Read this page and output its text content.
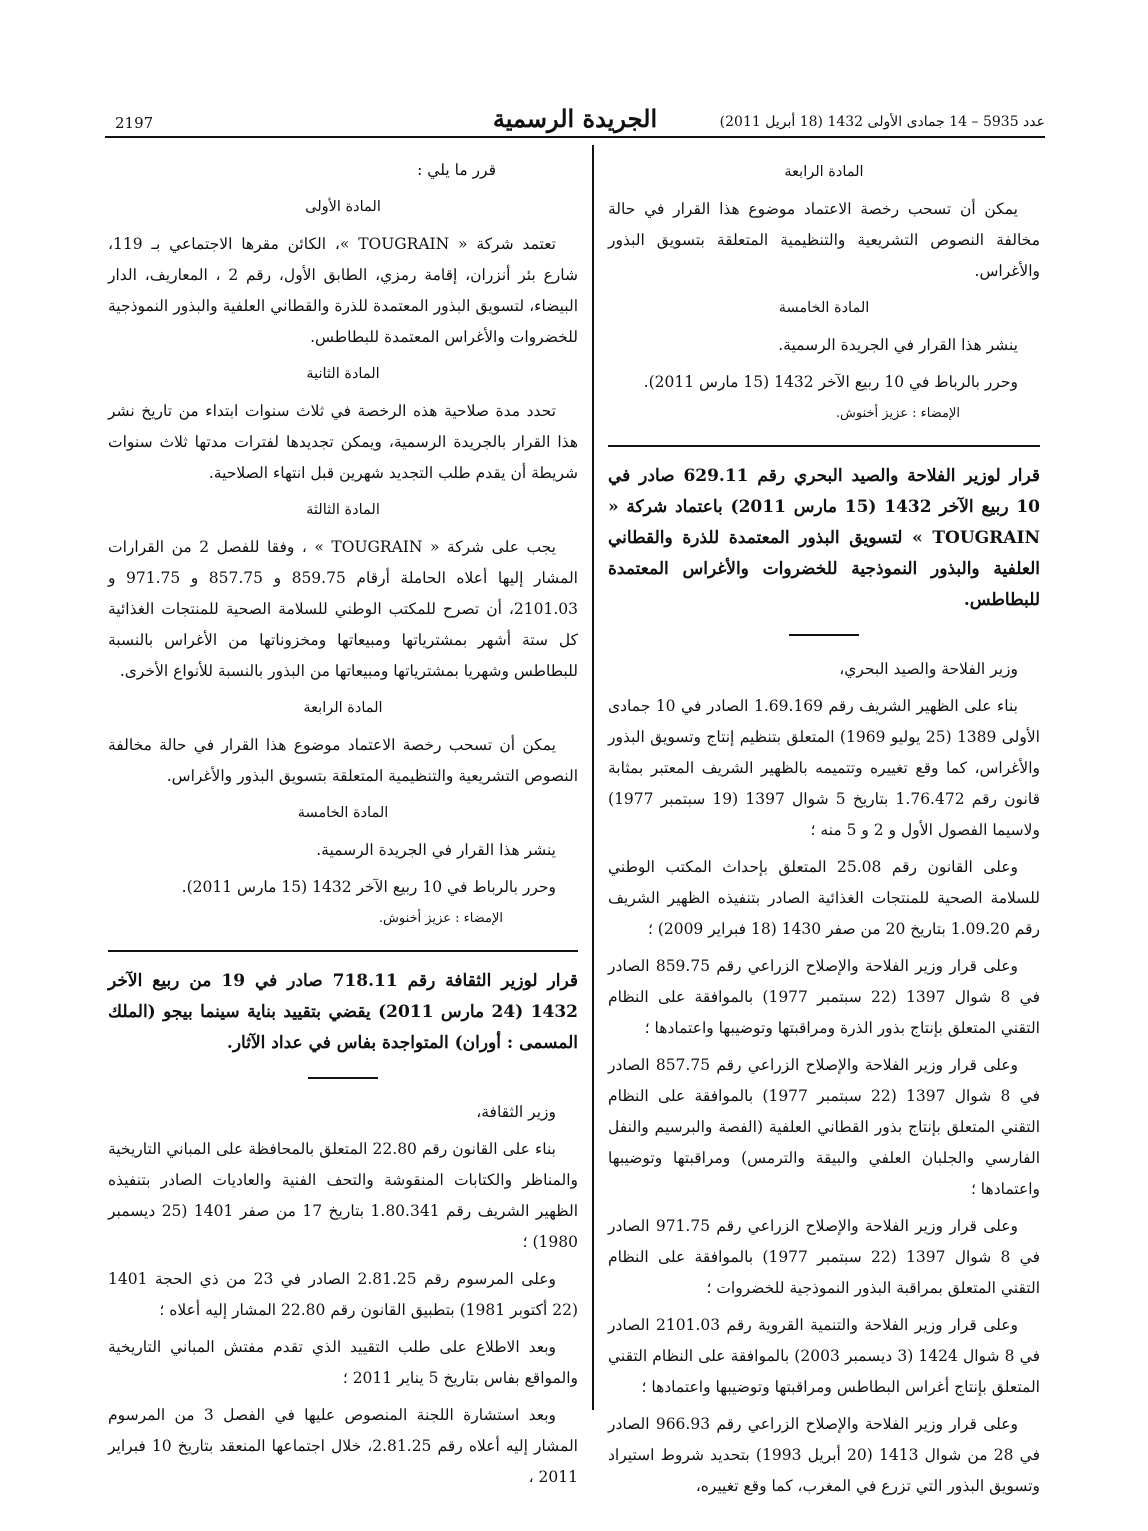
عدد 5935 – 14 جمادى الأولى 1432 (18 أبريل 2011)
الجريدة الرسمية
2197
المادة الرابعة

يمكن أن تسحب رخصة الاعتماد موضوع هذا القرار في حالة مخالفة النصوص التشريعية والتنظيمية المتعلقة بتسويق البذور والأغراس.

المادة الخامسة

ينشر هذا القرار في الجريدة الرسمية.

وحرر بالرباط في 10 ربيع الآخر 1432 (15 مارس 2011).

الإمضاء : عزيز أخنوش.
قرار لوزير الفلاحة والصيد البحري رقم 629.11 صادر في 10 ربيع الآخر 1432 (15 مارس 2011) باعتماد شركة « TOUGRAIN » لتسويق البذور المعتمدة للذرة والقطاني العلفية والبذور النموذجية للخضروات والأغراس المعتمدة للبطاطس.

وزير الفلاحة والصيد البحري،

بناء على الظهير الشريف رقم 1.69.169 الصادر في 10 جمادى الأولى 1389 (25 يوليو 1969) المتعلق بتنظيم إنتاج وتسويق البذور والأغراس، كما وقع تغييره وتتميمه بالظهير الشريف المعتبر بمثابة قانون رقم 1.76.472 بتاريخ 5 شوال 1397 (19 سبتمبر 1977) ولاسيما الفصول الأول و 2 و 5 منه ؛

وعلى القانون رقم 25.08 المتعلق بإحداث المكتب الوطني للسلامة الصحية للمنتجات الغذائية الصادر بتنفيذه الظهير الشريف رقم 1.09.20 بتاريخ 20 من صفر 1430 (18 فبراير 2009) ؛

وعلى قرار وزير الفلاحة والإصلاح الزراعي رقم 859.75 الصادر في 8 شوال 1397 (22 سبتمبر 1977) بالموافقة على النظام التقني المتعلق بإنتاج بذور الذرة ومراقبتها وتوضيبها واعتمادها ؛

وعلى قرار وزير الفلاحة والإصلاح الزراعي رقم 857.75 الصادر في 8 شوال 1397 (22 سبتمبر 1977) بالموافقة على النظام التقني المتعلق بإنتاج بذور القطاني العلفية (الفصة والبرسيم والنفل الفارسي والجلبان العلفي والبيقة والترمس) ومراقبتها وتوضيبها واعتمادها ؛

وعلى قرار وزير الفلاحة والإصلاح الزراعي رقم 971.75 الصادر في 8 شوال 1397 (22 سبتمبر 1977) بالموافقة على النظام التقني المتعلق بمراقبة البذور النموذجية للخضروات ؛

وعلى قرار وزير الفلاحة والتنمية القروية رقم 2101.03 الصادر في 8 شوال 1424 (3 ديسمبر 2003) بالموافقة على النظام التقني المتعلق بإنتاج أغراس البطاطس ومراقبتها وتوضيبها واعتمادها ؛

وعلى قرار وزير الفلاحة والإصلاح الزراعي رقم 966.93 الصادر في 28 من شوال 1413 (20 أبريل 1993) بتحديد شروط استيراد وتسويق البذور التي تزرع في المغرب، كما وقع تغييره،

قرر ما يلي :

المادة الأولى

تعتمد شركة « TOUGRAIN »، الكائن مقرها الاجتماعي بـ 119، شارع بئر أنزران، إقامة رمزي، الطابق الأول، رقم 2 ، المعاريف، الدار البيضاء، لتسويق البذور المعتمدة للذرة والقطاني العلفية والبذور النموذجية للخضروات والأغراس المعتمدة للبطاطس.

المادة الثانية

تحدد مدة صلاحية هذه الرخصة في ثلاث سنوات ابتداء من تاريخ نشر هذا القرار بالجريدة الرسمية، ويمكن تجديدها لفترات مدتها ثلاث سنوات شريطة أن يقدم طلب التجديد شهرين قبل انتهاء الصلاحية.

المادة الثالثة

يجب على شركة « TOUGRAIN » ، وفقا للفصل 2 من القرارات المشار إليها أعلاه الحاملة أرقام 859.75 و 857.75 و 971.75 و 2101.03، أن تصرح للمكتب الوطني للسلامة الصحية للمنتجات الغذائية كل ستة أشهر بمشترياتها ومبيعاتها ومخزوناتها من الأغراس بالنسبة للبطاطس وشهريا بمشترياتها ومبيعاتها من البذور بالنسبة للأنواع الأخرى.

المادة الرابعة

يمكن أن تسحب رخصة الاعتماد موضوع هذا القرار في حالة مخالفة النصوص التشريعية والتنظيمية المتعلقة بتسويق البذور والأغراس.

المادة الخامسة

ينشر هذا القرار في الجريدة الرسمية.

وحرر بالرباط في 10 ربيع الآخر 1432 (15 مارس 2011).

الإمضاء : عزيز أخنوش.
قرار لوزير الثقافة رقم 718.11 صادر في 19 من ربيع الآخر 1432 (24 مارس 2011) يقضي بتقييد بناية سينما بيجو (الملك المسمى : أوران) المتواجدة بفاس في عداد الآثار.

وزير الثقافة،

بناء على القانون رقم 22.80 المتعلق بالمحافظة على المباني التاريخية والمناظر والكتابات المنقوشة والتحف الفنية والعاديات الصادر بتنفيذه الظهير الشريف رقم 1.80.341 بتاريخ 17 من صفر 1401 (25 ديسمبر 1980) ؛

وعلى المرسوم رقم 2.81.25 الصادر في 23 من ذي الحجة 1401 (22 أكتوبر 1981) بتطبيق القانون رقم 22.80 المشار إليه أعلاه ؛

وبعد الاطلاع على طلب التقييد الذي تقدم مفتش المباني التاريخية والمواقع بفاس بتاريخ 5 يناير 2011 ؛

وبعد استشارة اللجنة المنصوص عليها في الفصل 3 من المرسوم المشار إليه أعلاه رقم 2.81.25، خلال اجتماعها المنعقد بتاريخ 10 فبراير 2011 ،
